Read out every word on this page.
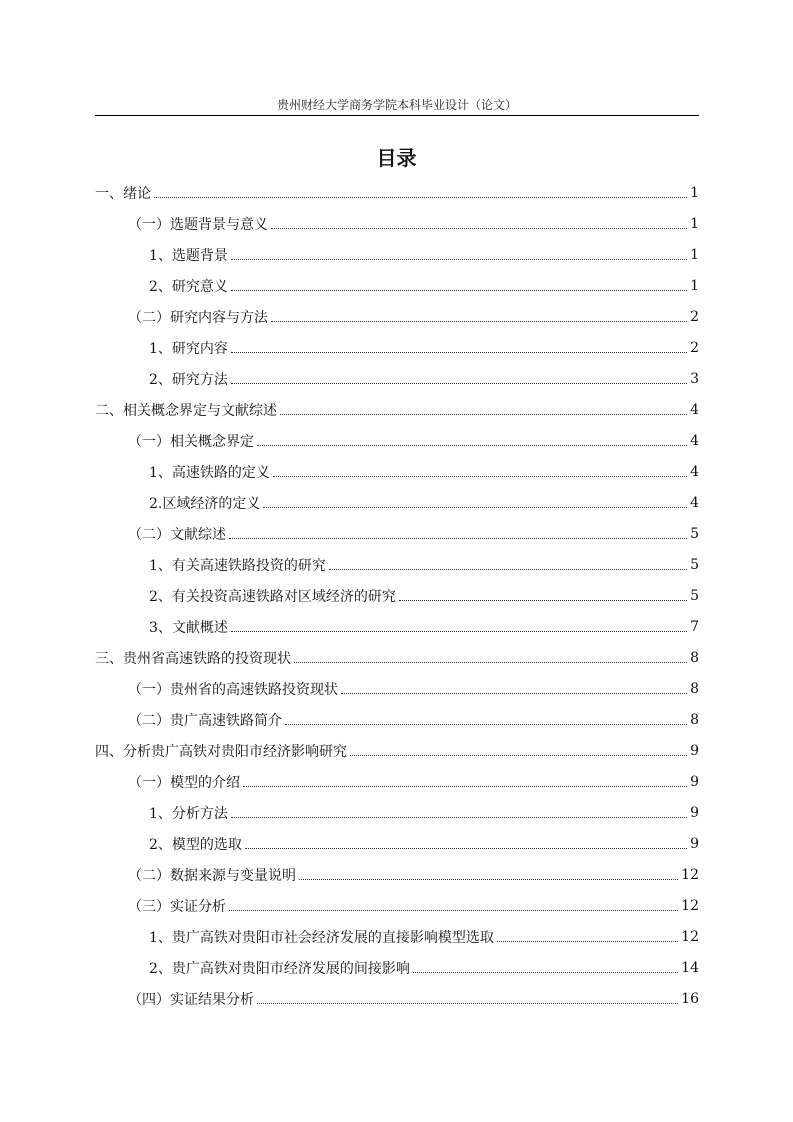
贵州财经大学商务学院本科毕业设计（论文）
目录
一、绪论	1
（一）选题背景与意义	1
1、选题背景	1
2、研究意义	1
（二）研究内容与方法	2
1、研究内容	2
2、研究方法	3
二、相关概念界定与文献综述	4
（一）相关概念界定	4
1、高速铁路的定义	4
2.区域经济的定义	4
（二）文献综述	5
1、有关高速铁路投资的研究	5
2、有关投资高速铁路对区域经济的研究	5
3、文献概述	7
三、贵州省高速铁路的投资现状	8
（一）贵州省的高速铁路投资现状	8
（二）贵广高速铁路简介	8
四、分析贵广高铁对贵阳市经济影响研究	9
（一）模型的介绍	9
1、分析方法	9
2、模型的选取	9
（二）数据来源与变量说明	12
（三）实证分析	12
1、贵广高铁对贵阳市社会经济发展的直接影响模型选取	12
2、贵广高铁对贵阳市经济发展的间接影响	14
（四）实证结果分析	16
